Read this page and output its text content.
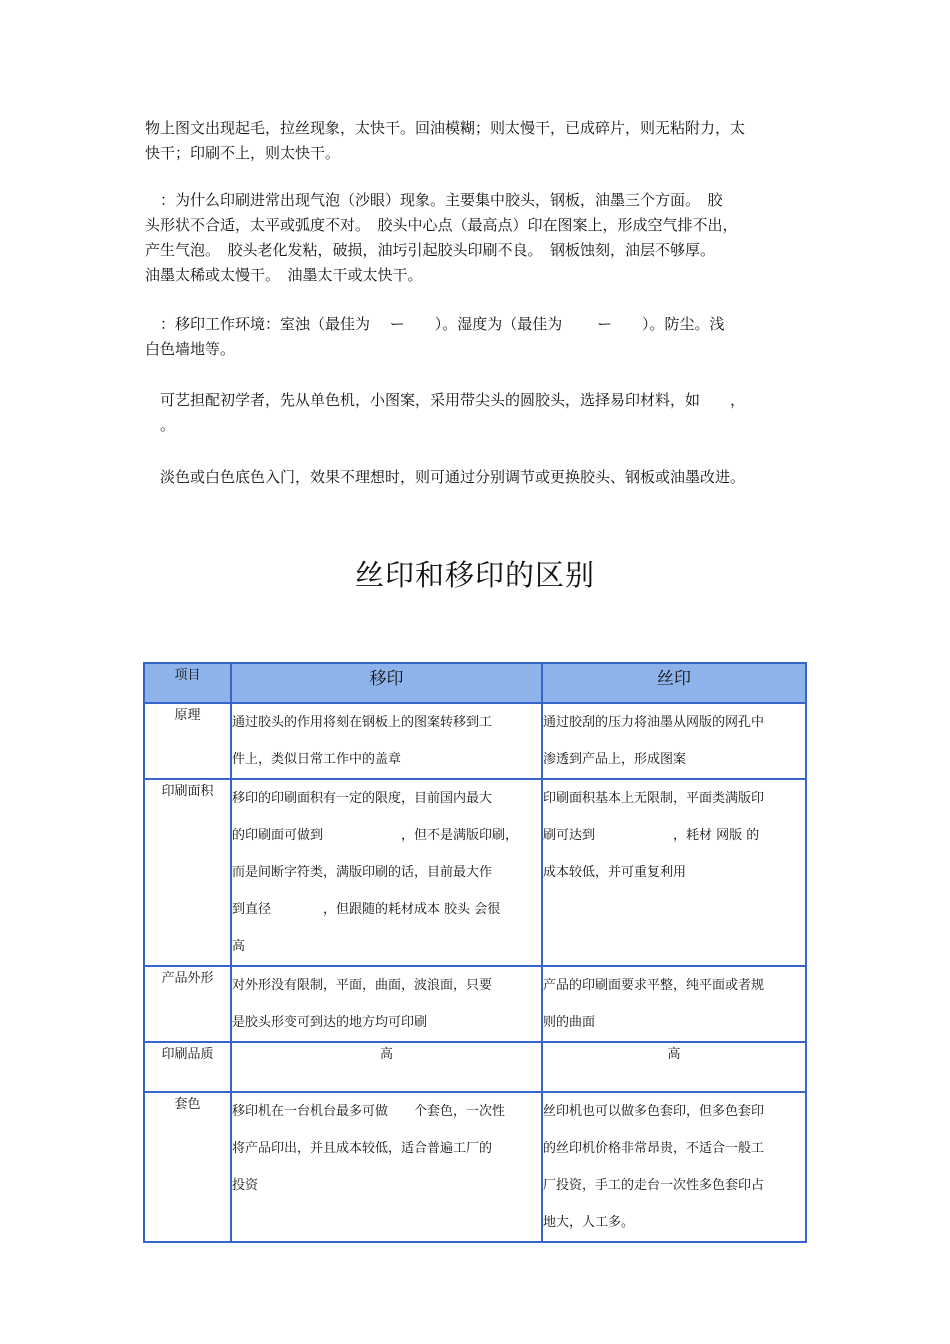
物上图文出现起毛，拉丝现象，太快干。回油模糊；则太慢干，已成碎片，则无粘附力，太
快干；印刷不上，则太快干。
　：为什么印刷进常出现气泡（沙眼）现象。主要集中胶头，钢板，油墨三个方面。　胶
头形状不合适，太平或弧度不对。　胶头中心点（最高点）印在图案上，形成空气排不出，
产生气泡。　胶头老化发粘，破损，油圬引起胶头印刷不良。　钢板蚀刻，油层不够厚。
油墨太稀或太慢干。　油墨太干或太快干。
　：移印工作环境：室浊（最佳为　 ー　　）。湿度为（最佳为　　 ー　　）。防尘。浅
白色墙地等。
可艺担配初学者，先从单色机，小图案，采用带尖头的圆胶头，选择易印材料，如　　，
。
淡色或白色底色入门，效果不理想时，则可通过分别调节或更换胶头、钢板或油墨改进。
丝印和移印的区别
项目	移印	丝印
原理	通过胶头的作用将刻在钢板上的图案转移到工
件上，类似日常工作中的盖章	通过胶刮的压力将油墨从网版的网孔中
渗透到产品上，形成图案

印刷面积	移印的印刷面积有一定的限度，目前国内最大
的印刷面可做到　　　　　　，但不是满版印刷，
而是间断字符类，满版印刷的话，目前最大作
到直径　　　　，但跟随的耗材成本 胶头 会很
高	印刷面积基本上无限制，平面类满版印
刷可达到　　　　　　，耗材 网版 的
成本较低，并可重复利用

产品外形	对外形没有限制，平面，曲面，波浪面，只要
是胶头形变可到达的地方均可印刷	产品的印刷面要求平整，纯平面或者规
则的曲面

印刷品质	高	高

套色	移印机在一台机台最多可做　　个套色，一次性
将产品印出，并且成本较低，适合普遍工厂的
投资	丝印机也可以做多色套印，但多色套印
的丝印机价格非常昂贵，不适合一般工
厂投资，手工的走台一次性多色套印占
地大，人工多。
